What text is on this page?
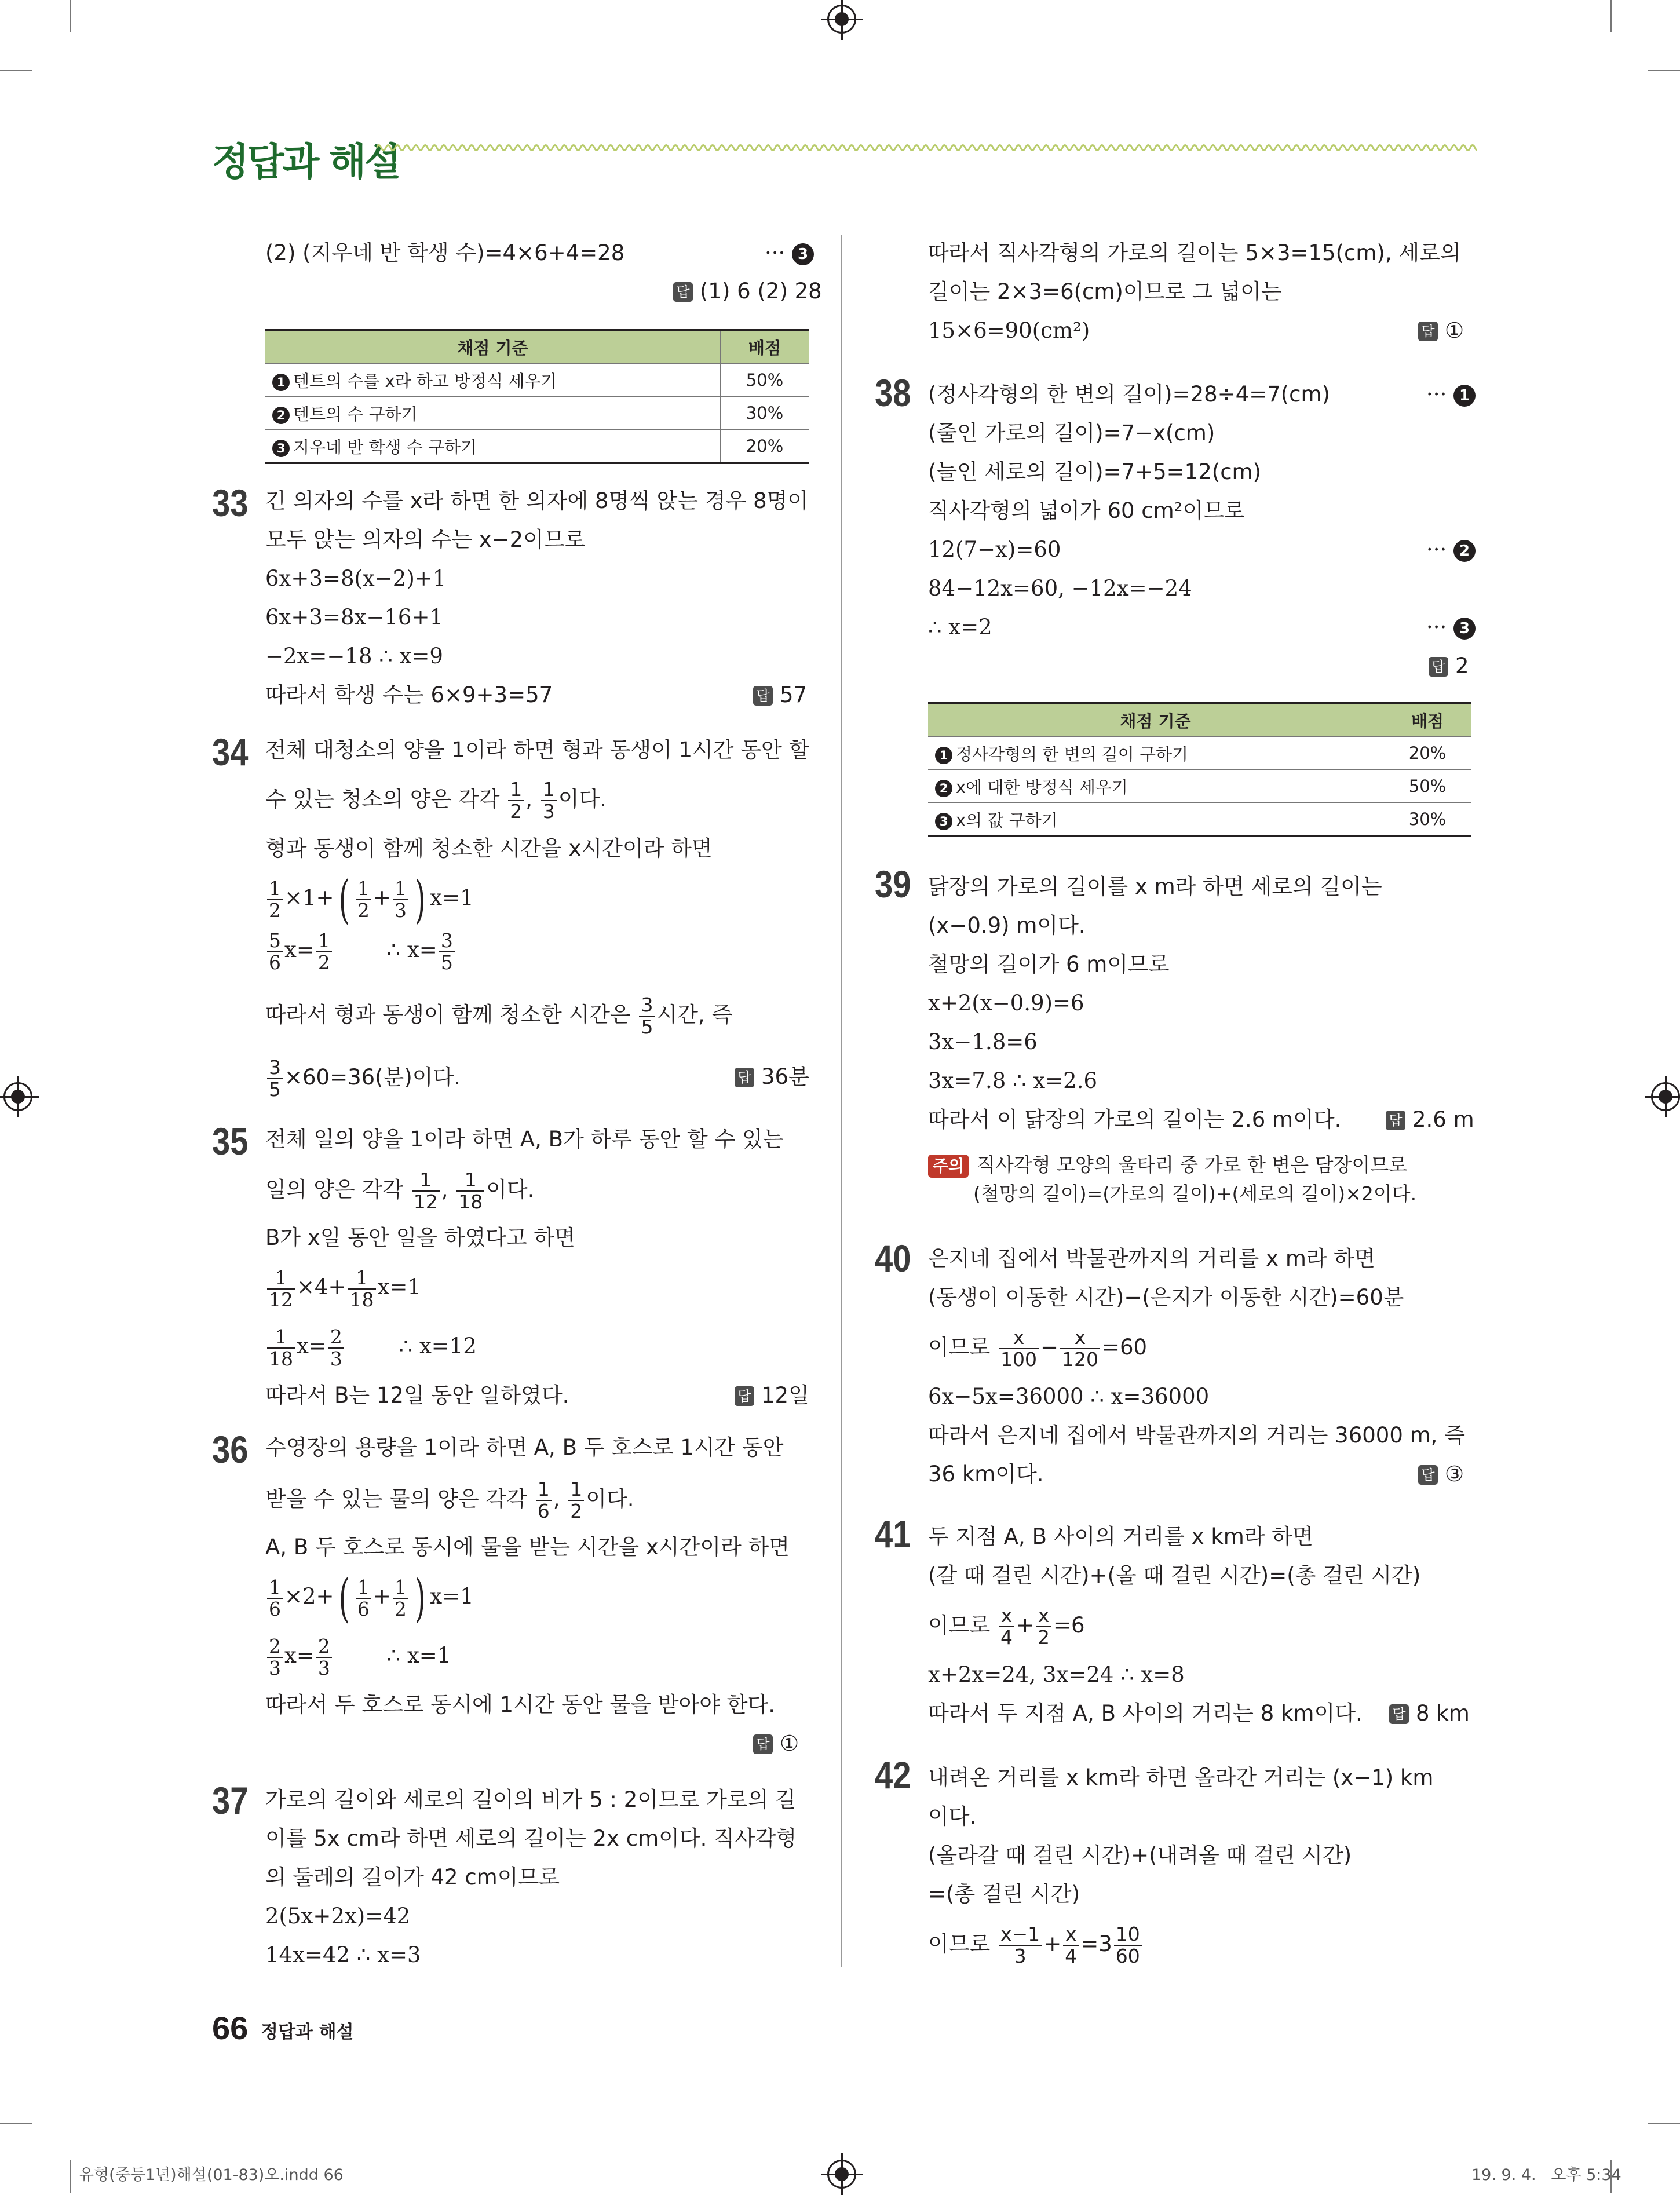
정답과 해설
(2) (지우네 반 학생 수)=4×6+4=28	··· 3
답 (1) 6 (2) 28
채점 기준	배점
1 텐트의 수를 x라 하고 방정식 세우기	50%
2 텐트의 수 구하기	30%
3 지우네 반 학생 수 구하기	20%
33 긴 의자의 수를 x라 하면 한 의자에 8명씩 앉는 경우 8명이
모두 앉는 의자의 수는 x−2이므로
6x+3=8(x−2)+1
6x+3=8x−16+1
−2x=−18 ∴ x=9
따라서 학생 수는 6×9+3=57	답 57
34 전체 대청소의 양을 1이라 하면 형과 동생이 1시간 동안 할
수 있는 청소의 양은 각각 $\frac{1}{2}$ , $\frac{1}{3}$ 이다.
형과 동생이 함께 청소한 시간을 x시간이라 하면
$\frac{1}{2} \times 1+( \frac{1}{2} + \frac{1}{3}$ ) x=1
$\frac{5}{6} x= \frac{1}{2}$	∴ $x= \frac{3}{5}$
따라서 형과 동생이 함께 청소한 시간은 $\frac{3}{5}$ 시간, 즉
$\frac{3}{5} \times 60=36$(분)이다.	답 36분
35 전체 일의 양을 1이라 하면 A, B가 하루 동안 할 수 있는
일의 양은 각각 $\frac{1}{12}$ , $\frac{1}{18}$ 이다.
B가 x일 동안 일을 하였다고 하면
$\frac{1}{12} \times 4+ \frac{1}{18} x=1$
$\frac{1}{18} x= \frac{2}{3}$	∴ x=12
따라서 B는 12일 동안 일하였다.	답 12일
36 수영장의 용량을 1이라 하면 A, B 두 호스로 1시간 동안
받을 수 있는 물의 양은 각각 $\frac{1}{6}$ , $\frac{1}{2}$ 이다.
A, B 두 호스로 동시에 물을 받는 시간을 x시간이라 하면
$\frac{1}{6} \times 2+( \frac{1}{6} + \frac{1}{2}$ ) x=1
$\frac{2}{3} x= \frac{2}{3}$	∴ x=1
따라서 두 호스로 동시에 1시간 동안 물을 받아야 한다.
답 ①
37 가로의 길이와 세로의 길이의 비가 5 : 2이므로 가로의 길
이를 5x cm라 하면 세로의 길이는 2x cm이다. 직사각형
의 둘레의 길이가 42 cm이므로
2(5x+2x)=42
14x=42 ∴ x=3
따라서 직사각형의 가로의 길이는 5×3=15(cm), 세로의
길이는 2×3=6(cm)이므로 그 넓이는
15×6=90(cm²)	답 ①
38 (정사각형의 한 변의 길이)=28÷4=7(cm)	··· 1
(줄인 가로의 길이)=7−x(cm)
(늘인 세로의 길이)=7+5=12(cm)
직사각형의 넓이가 60 cm²이므로
12(7−x)=60	··· 2
84−12x=60, −12x=−24
∴ x=2	··· 3
답 2
채점 기준	배점
1 정사각형의 한 변의 길이 구하기	20%
2 x에 대한 방정식 세우기	50%
3 x의 값 구하기	30%
39 닭장의 가로의 길이를 x m라 하면 세로의 길이는
(x−0.9) m이다.
철망의 길이가 6 m이므로
x+2(x−0.9)=6
3x−1.8=6
3x=7.8 ∴ x=2.6
따라서 이 닭장의 가로의 길이는 2.6 m이다.	답 2.6 m
주의 직사각형 모양의 울타리 중 가로 한 변은 담장이므로
(철망의 길이)=(가로의 길이)+(세로의 길이)×2이다.
40 은지네 집에서 박물관까지의 거리를 x m라 하면
(동생이 이동한 시간)−(은지가 이동한 시간)=60분
이므로 $\frac{x}{100} - \frac{x}{120} =60$
6x−5x=36000 ∴ x=36000
따라서 은지네 집에서 박물관까지의 거리는 36000 m, 즉
36 km이다.	답 ③
41 두 지점 A, B 사이의 거리를 x km라 하면
(갈 때 걸린 시간)+(올 때 걸린 시간)=(총 걸린 시간)
이므로 $\frac{x}{4} + \frac{x}{2} =6$
x+2x=24, 3x=24 ∴ x=8
따라서 두 지점 A, B 사이의 거리는 8 km이다. 답 8 km
42 내려온 거리를 x km라 하면 올라간 거리는 (x−1) km
이다.
(올라갈 때 걸린 시간)+(내려올 때 걸린 시간)
=(총 걸린 시간)
이므로 $\frac{x-1}{3} + \frac{x}{4} =3 \frac{10}{60}$
66 정답과 해설
유형(중등1년)해설(01-83)오.indd 66	19. 9. 4.   오후 5:34
